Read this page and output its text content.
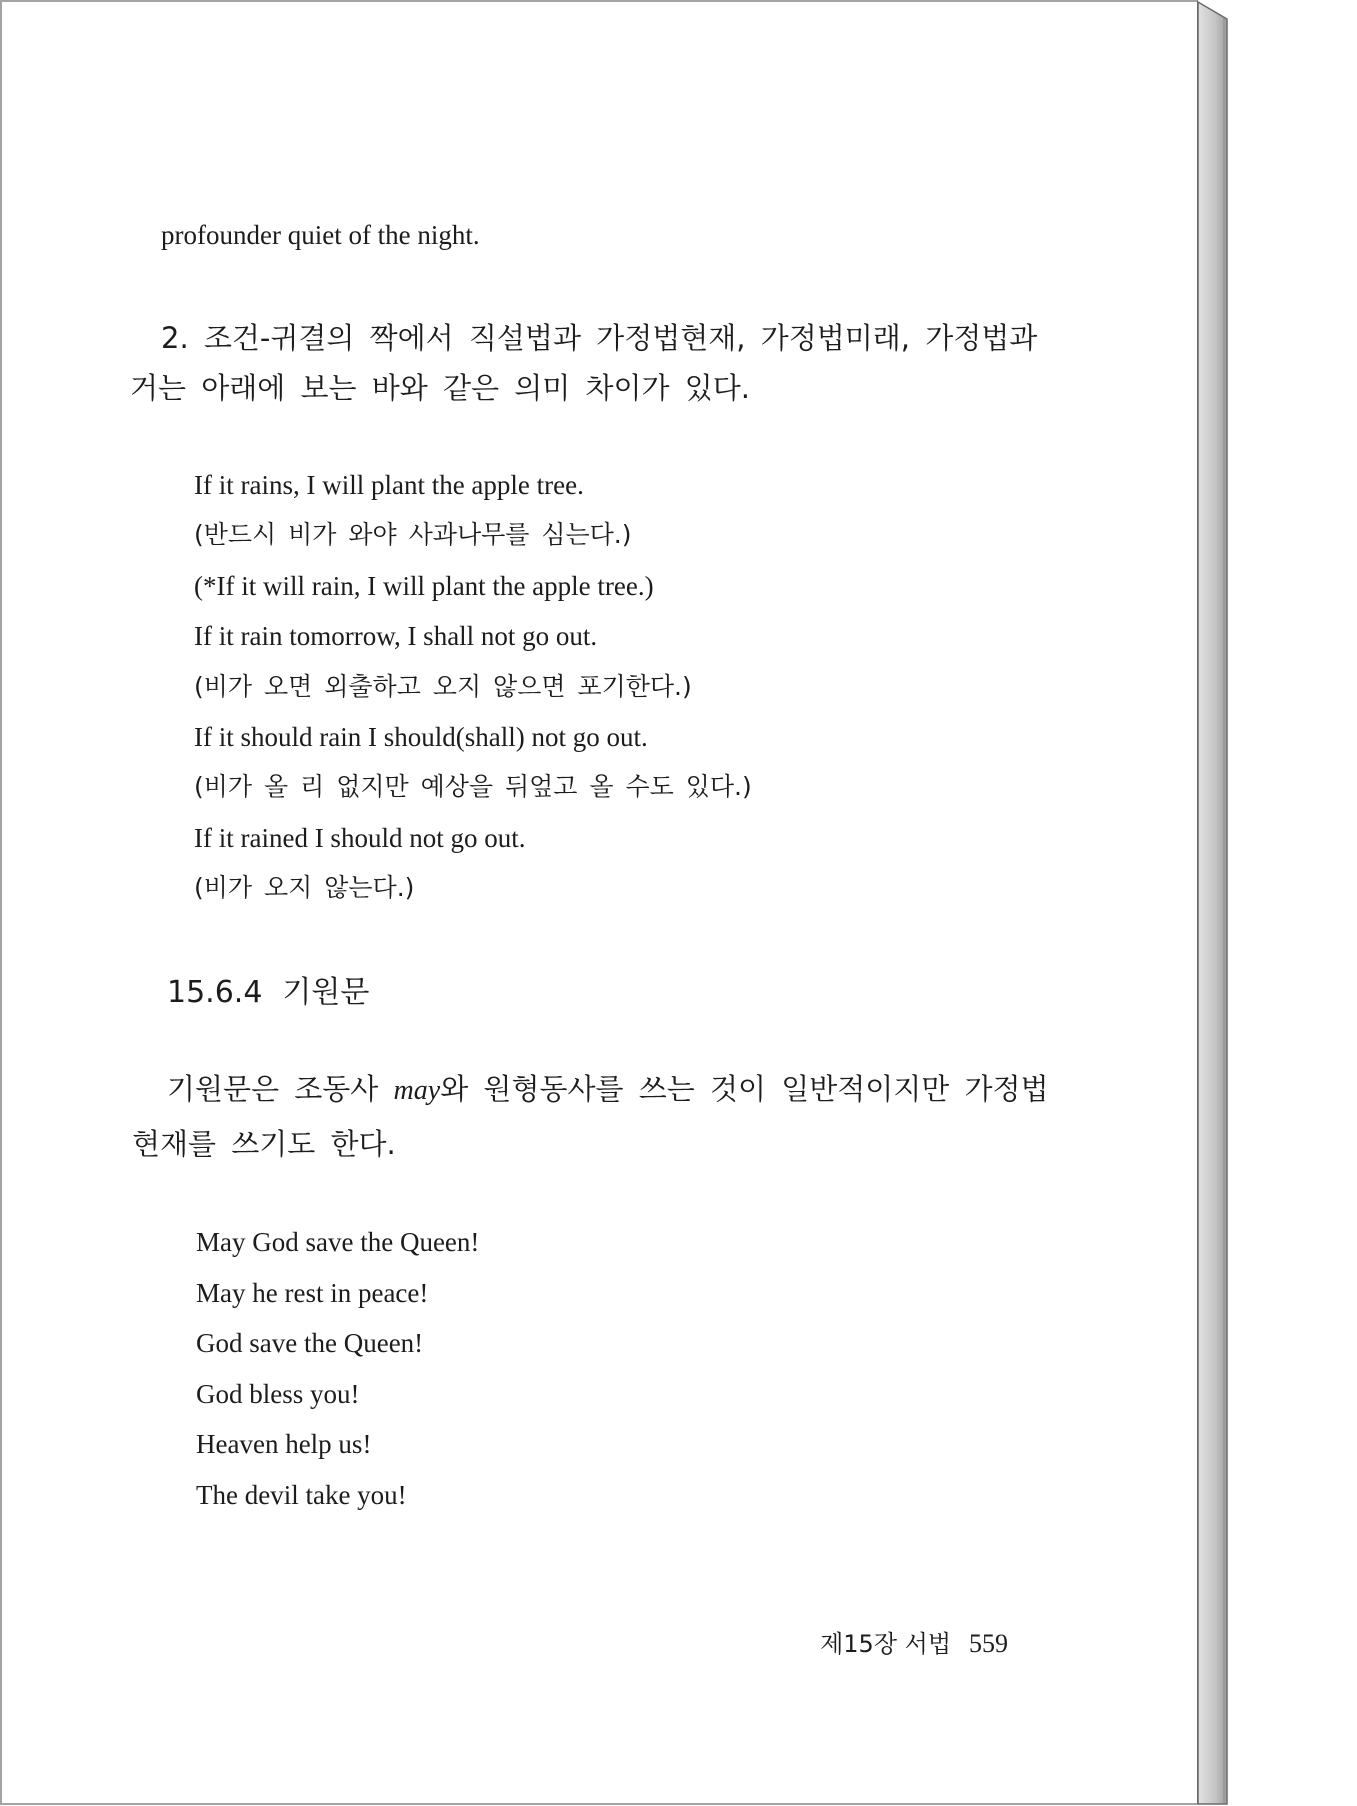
profounder quiet of the night.

2. 조건-귀결의 짝에서 직설법과 가정법현재, 가정법미래, 가정법과

거는 아래에 보는 바와 같은 의미 차이가 있다.

If it rains, I will plant the apple tree.
(반드시 비가 와야 사과나무를 심는다.)
(*If it will rain, I will plant the apple tree.)
If it rain tomorrow, I shall not go out.
(비가 오면 외출하고 오지 않으면 포기한다.)
If it should rain I should(shall) not go out.
(비가 올 리 없지만 예상을 뒤엎고 올 수도 있다.)
If it rained I should not go out.
(비가 오지 않는다.)
15.6.4 기원문

기원문은 조동사 may와 원형동사를 쓰는 것이 일반적이지만 가정법

현재를 쓰기도 한다.

May God save the Queen!
May he rest in peace!
God save the Queen!
God bless you!
Heaven help us!
The devil take you!
제15장 서법 559
